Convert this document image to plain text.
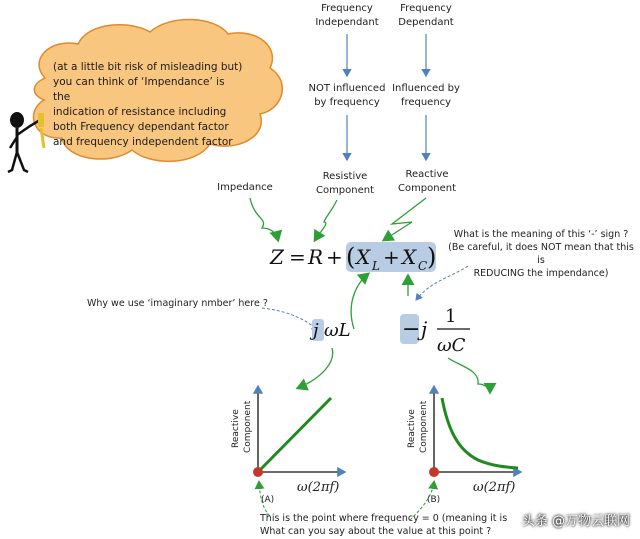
Z = R + ( X L + X C )
j ωL − j
1
ωC
Reactive Component	Reactive Component
ω(2πf)	ω(2πf)
(A)	(B)
Frequency
Independant
Frequency
Dependant
NOT influenced
by frequency
Influenced by
frequency
Resistive
Component
Reactive
Component
Impedance
(at a little bit risk of misleading but)
you can think of ‘Impendance’ is the
indication of resistance including
both Frequency dependant factor
and frequency independent factor
What is the meaning of this ‘-’ sign ?
(Be careful, it does NOT mean that this is
REDUCING the impendance)
Why we use ‘imaginary nmber’ here ?
This is the point where frequency = 0 (meaning it is
What can you say about the value at this point ?
头条 @万物云联网
